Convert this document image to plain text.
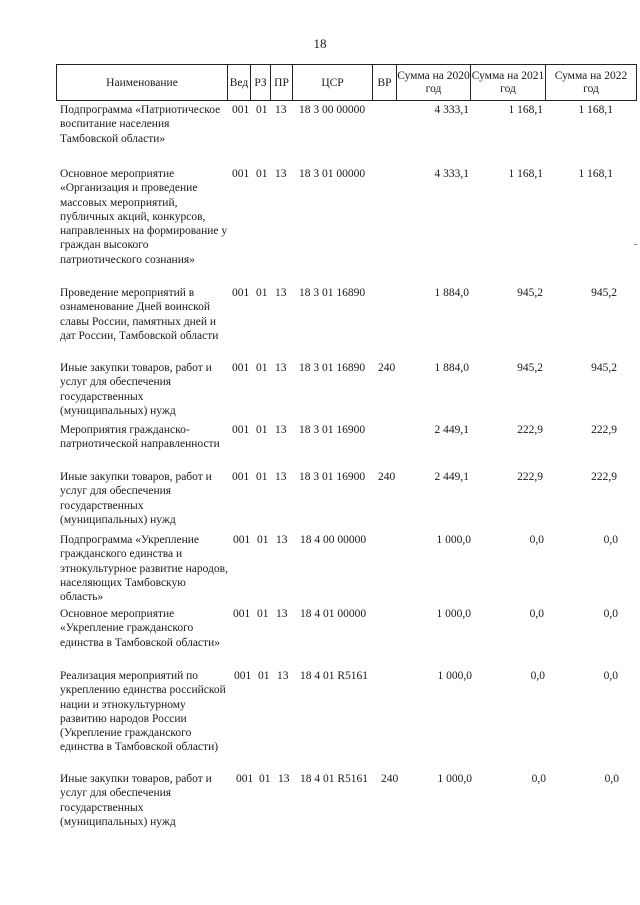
18
Наименование	Вед РЗ ПР	ЦСР	ВР
Сумма на 2020 год
Сумма на 2021 год
Сумма на 2022 год
Подпрограмма «Патриотическое воспитание населения Тамбовской области»
001 01 13 18 3 00 00000	4 333,1	1 168,1	1 168,1
Основное мероприятие «Организация и проведение массовых мероприятий, публичных акций, конкурсов, направленных на формирование у граждан высокого патриотического сознания»
001 01 13 18 3 01 00000	4 333,1	1 168,1	1 168,1
Проведение мероприятий в ознаменование Дней воинской славы России, памятных дней и дат России, Тамбовской области
001 01 13 18 3 01 16890	1 884,0	945,2	945,2
Иные закупки товаров, работ и услуг для обеспечения государственных (муниципальных) нужд
001 01 13 18 3 01 16890 240	1 884,0	945,2	945,2
Мероприятия гражданско-патриотической направленности
001 01 13 18 3 01 16900	2 449,1	222,9	222,9
Иные закупки товаров, работ и услуг для обеспечения государственных (муниципальных) нужд
001 01 13 18 3 01 16900 240	2 449,1	222,9	222,9
Подпрограмма «Укрепление гражданского единства и этнокультурное развитие народов, населяющих Тамбовскую область»
001 01 13 18 4 00 00000	1 000,0	0,0	0,0
Основное мероприятие «Укрепление гражданского единства в Тамбовской области»
001 01 13 18 4 01 00000	1 000,0	0,0	0,0
Реализация мероприятий по укреплению единства российской нации и этнокультурному развитию народов России (Укрепление гражданского единства в Тамбовской области)
001 01 13 18 4 01 R5161	1 000,0	0,0	0,0
Иные закупки товаров, работ и услуг для обеспечения государственных (муниципальных) нужд
001 01 13 18 4 01 R5161 240	1 000,0	0,0	0,0
